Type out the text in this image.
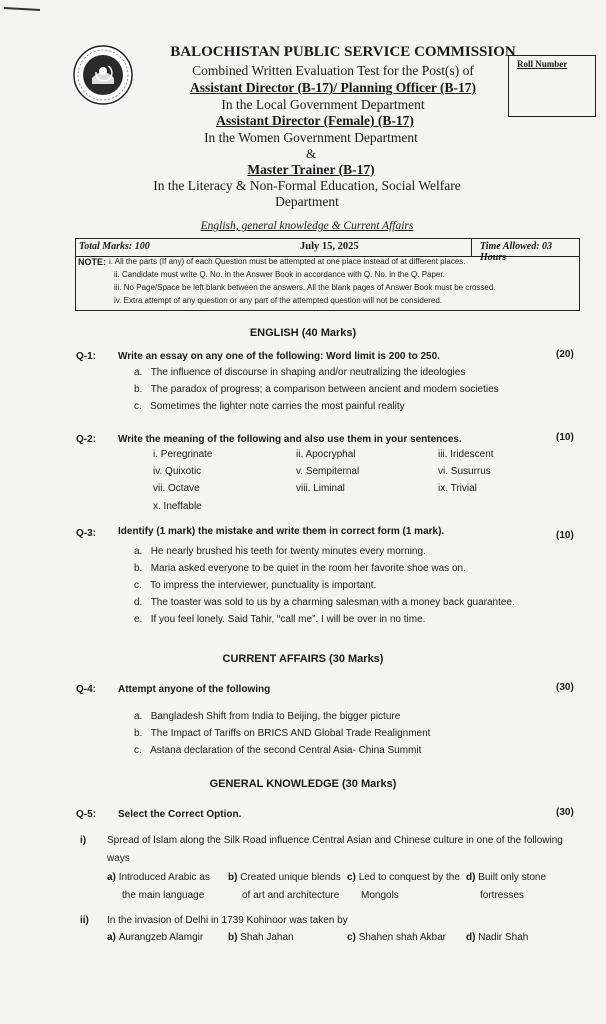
BALOCHISTAN PUBLIC SERVICE COMMISSION
Combined Written Evaluation Test for the Post(s) of
Assistant Director (B-17)/ Planning Officer (B-17)
In the Local Government Department
Assistant Director (Female) (B-17)
In the Women Government Department
&
Master Trainer (B-17)
In the Literacy & Non-Formal Education, Social Welfare
Department
English, general knowledge & Current Affairs
Roll Number
Total Marks: 100	July 15, 2025	Time Allowed: 03 Hours
NOTE: i. All the parts (If any) of each Question must be attempted at one place instead of at different places.
ii. Candidate must write Q. No. in the Answer Book in accordance with Q. No. in the Q. Paper.
iii. No Page/Space be left blank between the answers. All the blank pages of Answer Book must be crossed.
iv. Extra attempt of any question or any part of the attempted question will not be considered.
ENGLISH (40 Marks)
Q-1: Write an essay on any one of the following: Word limit is 200 to 250.	(20)
a. The influence of discourse in shaping and/or neutralizing the ideologies
b. The paradox of progress; a comparison between ancient and modern societies
c. Sometimes the lighter note carries the most painful reality
Q-2: Write the meaning of the following and also use them in your sentences.	(10)
i. Peregrinate	ii. Apocryphal	iii. Iridescent
iv. Quixotic	v. Sempiternal	vi. Susurrus
vii. Octave	viii. Liminal	ix. Trivial
x. Ineffable
Q-3: Identify (1 mark) the mistake and write them in correct form (1 mark).	(10)
a. He nearly brushed his teeth for twenty minutes every morning.
b. Maria asked everyone to be quiet in the room her favorite shoe was on.
c. To impress the interviewer, punctuality is important.
d. The toaster was sold to us by a charming salesman with a money back guarantee.
e. If you feel lonely. Said Tahir, “call me”. I will be over in no time.
CURRENT AFFAIRS (30 Marks)
Q-4: Attempt anyone of the following	(30)
a. Bangladesh Shift from India to Beijing, the bigger picture
b. The Impact of Tariffs on BRICS AND Global Trade Realignment
c. Astana declaration of the second Central Asia- China Summit
GENERAL KNOWLEDGE (30 Marks)
Q-5: Select the Correct Option.	(30)
i) Spread of Islam along the Silk Road influence Central Asian and Chinese culture in one of the following
ways
a) Introduced Arabic as
the main language
b) Created unique blends
of art and architecture
c) Led to conquest by the
Mongols
d) Built only stone
fortresses
ii) In the invasion of Delhi in 1739 Kohinoor was taken by
a) Aurangzeb Alamgir b) Shah Jahan	c) Shahen shah Akbar d) Nadir Shah
